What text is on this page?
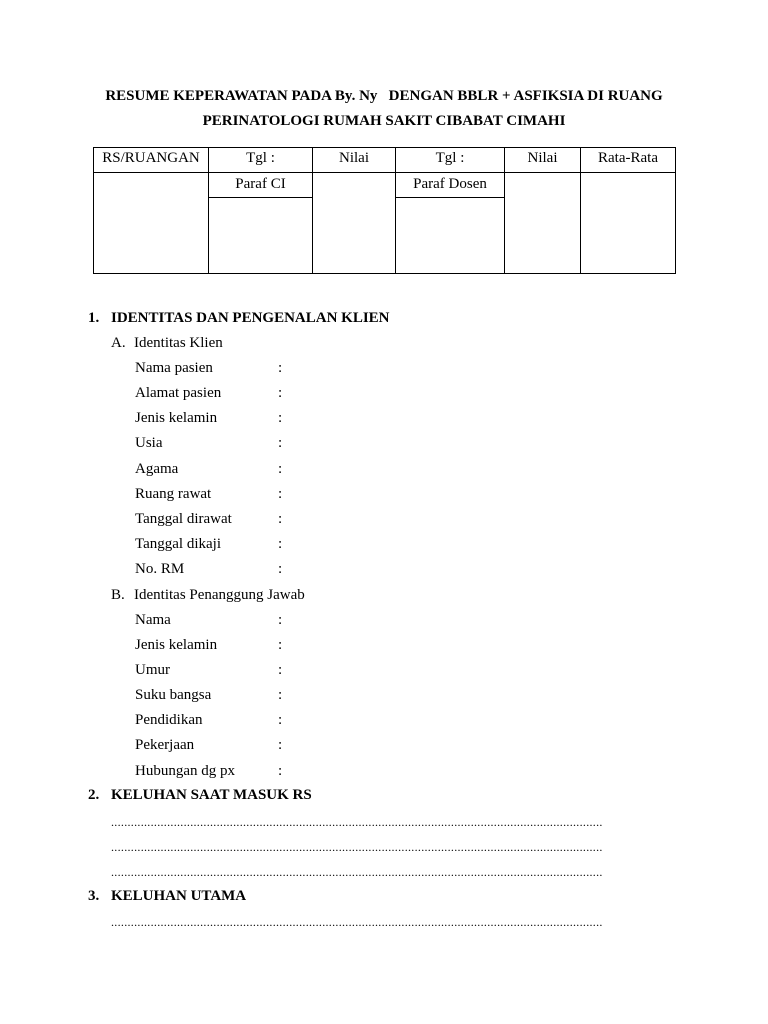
RESUME KEPERAWATAN PADA By. Ny   DENGAN BBLR + ASFIKSIA DI RUANG
PERINATOLOGI RUMAH SAKIT CIBABAT CIMAHI
RS/RUANGAN	Tgl :	Nilai	Tgl :	Nilai	Rata-Rata

	Paraf CI		Paraf Dosen		

1. IDENTITAS DAN PENGENALAN KLIEN
A. Identitas Klien
Nama pasien	:
Alamat pasien	:
Jenis kelamin	:
Usia	:
Agama	:
Ruang rawat	:
Tanggal dirawat	:
Tanggal dikaji	:
No. RM	:
B. Identitas Penanggung Jawab
Nama	:
Jenis kelamin	:
Umur	:
Suku bangsa	:
Pendidikan	:
Pekerjaan	:
Hubungan dg px	:
2. KELUHAN SAAT MASUK RS
.....................................................................................................................................................
.....................................................................................................................................................
.....................................................................................................................................................
3. KELUHAN UTAMA
.....................................................................................................................................................
